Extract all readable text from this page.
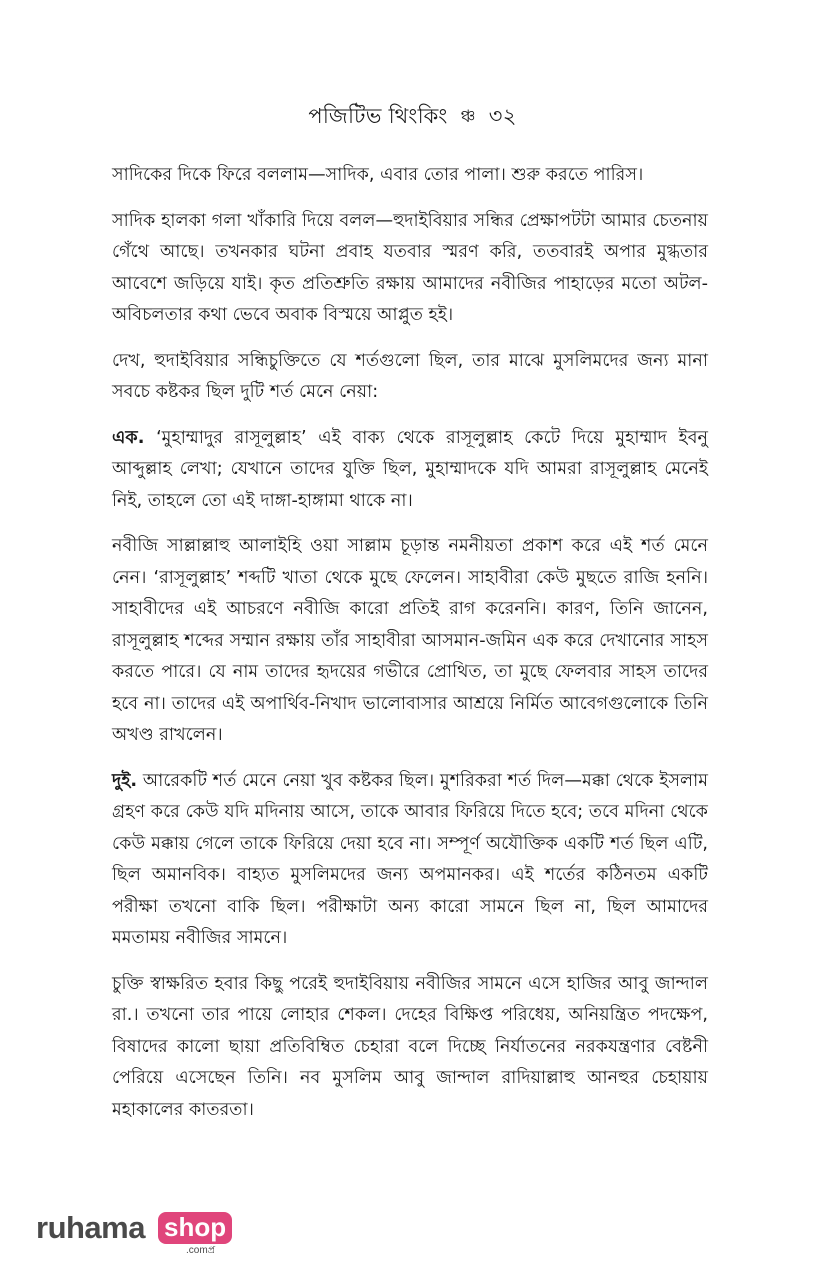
পজিটিভ থিংকিং ঞ্চ ৩২

সাদিকের দিকে ফিরে বললাম—সাদিক, এবার তোর পালা। শুরু করতে পারিস।

সাদিক হালকা গলা খাঁকারি দিয়ে বলল—হুদাইবিয়ার সন্ধির প্রেক্ষাপটটা আমার চেতনায় গেঁথে আছে। তখনকার ঘটনা প্রবাহ যতবার স্মরণ করি, ততবারই অপার মুগ্ধতার আবেশে জড়িয়ে যাই। কৃত প্রতিশ্রুতি রক্ষায় আমাদের নবীজির পাহাড়ের মতো অটল-অবিচলতার কথা ভেবে অবাক বিস্ময়ে আপ্লুত হই।

দেখ, হুদাইবিয়ার সন্ধিচুক্তিতে যে শর্তগুলো ছিল, তার মাঝে মুসলিমদের জন্য মানা সবচে কষ্টকর ছিল দুটি শর্ত মেনে নেয়া:

এক. ‘মুহাম্মাদুর রাসূলুল্লাহ’ এই বাক্য থেকে রাসূলুল্লাহ কেটে দিয়ে মুহাম্মাদ ইবনু আব্দুল্লাহ লেখা; যেখানে তাদের যুক্তি ছিল, মুহাম্মাদকে যদি আমরা রাসূলুল্লাহ মেনেই নিই, তাহলে তো এই দাঙ্গা-হাঙ্গামা থাকে না।

নবীজি সাল্লাল্লাহু আলাইহি ওয়া সাল্লাম চূড়ান্ত নমনীয়তা প্রকাশ করে এই শর্ত মেনে নেন। ‘রাসূলুল্লাহ’ শব্দটি খাতা থেকে মুছে ফেলেন। সাহাবীরা কেউ মুছতে রাজি হননি। সাহাবীদের এই আচরণে নবীজি কারো প্রতিই রাগ করেননি। কারণ, তিনি জানেন, রাসূলুল্লাহ শব্দের সম্মান রক্ষায় তাঁর সাহাবীরা আসমান-জমিন এক করে দেখানোর সাহস করতে পারে। যে নাম তাদের হৃদয়ের গভীরে প্রোথিত, তা মুছে ফেলবার সাহস তাদের হবে না। তাদের এই অপার্থিব-নিখাদ ভালোবাসার আশ্রয়ে নির্মিত আবেগগুলোকে তিনি অখণ্ড রাখলেন।

দুই. আরেকটি শর্ত মেনে নেয়া খুব কষ্টকর ছিল। মুশরিকরা শর্ত দিল—মক্কা থেকে ইসলাম গ্রহণ করে কেউ যদি মদিনায় আসে, তাকে আবার ফিরিয়ে দিতে হবে; তবে মদিনা থেকে কেউ মক্কায় গেলে তাকে ফিরিয়ে দেয়া হবে না। সম্পূর্ণ অযৌক্তিক একটি শর্ত ছিল এটি, ছিল অমানবিক। বাহ্যত মুসলিমদের জন্য অপমানকর। এই শর্তের কঠিনতম একটি পরীক্ষা তখনো বাকি ছিল। পরীক্ষাটা অন্য কারো সামনে ছিল না, ছিল আমাদের মমতাময় নবীজির সামনে।

চুক্তি স্বাক্ষরিত হবার কিছু পরেই হুদাইবিয়ায় নবীজির সামনে এসে হাজির আবু জান্দাল রা.। তখনো তার পায়ে লোহার শেকল। দেহের বিক্ষিপ্ত পরিধেয়, অনিয়ন্ত্রিত পদক্ষেপ, বিষাদের কালো ছায়া প্রতিবিম্বিত চেহারা বলে দিচ্ছে নির্যাতনের নরকযন্ত্রণার বেষ্টনী পেরিয়ে এসেছেন তিনি। নব মুসলিম আবু জান্দাল রাদিয়াল্লাহু আনহুর চেহায়ায় মহাকালের কাতরতা।

ruhama shop
.comপ্র
